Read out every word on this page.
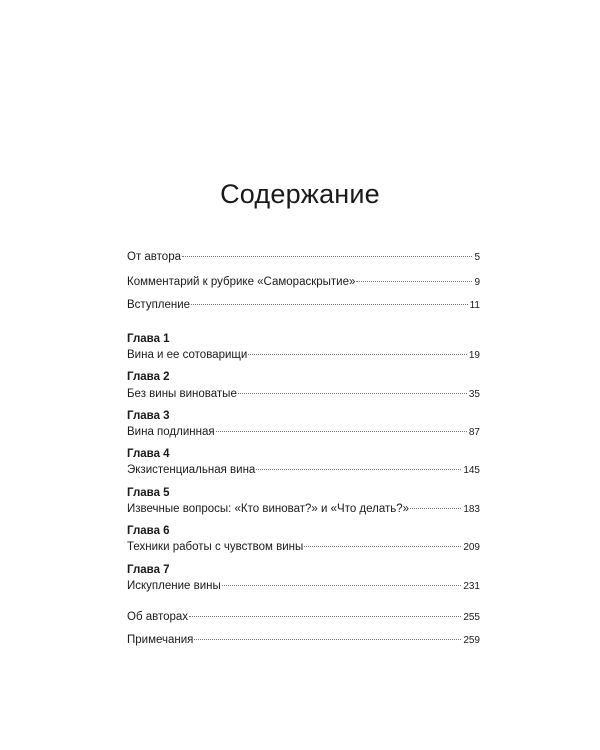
Содержание
От автора	5
Комментарий к рубрике «Самораскрытие»	9
Вступление	11
Глава 1
Вина и ее сотоварищи	19
Глава 2
Без вины виноватые	35
Глава 3
Вина подлинная	87
Глава 4
Экзистенциальная вина	145
Глава 5
Извечные вопросы: «Кто виноват?» и «Что делать?»	183
Глава 6
Техники работы с чувством вины	209
Глава 7
Искупление вины	231
Об авторах	255
Примечания	259
